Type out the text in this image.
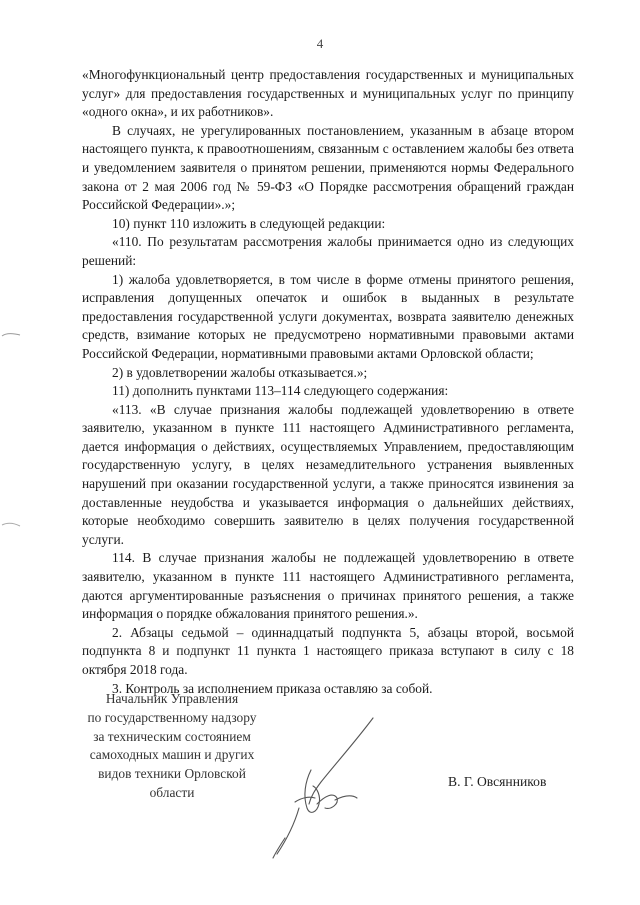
4

«Многофункциональный центр предоставления государственных и муниципальных услуг» для предоставления государственных и муниципальных услуг по принципу «одного окна», и их работников».

В случаях, не урегулированных постановлением, указанным в абзаце втором настоящего пункта, к правоотношениям, связанным с оставлением жалобы без ответа и уведомлением заявителя о принятом решении, применяются нормы Федерального закона от 2 мая 2006 год № 59-ФЗ «О Порядке рассмотрения обращений граждан Российской Федерации».»;

10) пункт 110 изложить в следующей редакции:

«110. По результатам рассмотрения жалобы принимается одно из следующих решений:

1) жалоба удовлетворяется, в том числе в форме отмены принятого решения, исправления допущенных опечаток и ошибок в выданных в результате предоставления государственной услуги документах, возврата заявителю денежных средств, взимание которых не предусмотрено нормативными правовыми актами Российской Федерации, нормативными правовыми актами Орловской области;

2) в удовлетворении жалобы отказывается.»;

11) дополнить пунктами 113–114 следующего содержания:

«113. «В случае признания жалобы подлежащей удовлетворению в ответе заявителю, указанном в пункте 111 настоящего Административного регламента, дается информация о действиях, осуществляемых Управлением, предоставляющим государственную услугу, в целях незамедлительного устранения выявленных нарушений при оказании государственной услуги, а также приносятся извинения за доставленные неудобства и указывается информация о дальнейших действиях, которые необходимо совершить заявителю в целях получения государственной услуги.

114. В случае признания жалобы не подлежащей удовлетворению в ответе заявителю, указанном в пункте 111 настоящего Административного регламента, даются аргументированные разъяснения о причинах принятого решения, а также информация о порядке обжалования принятого решения.».

2. Абзацы седьмой – одиннадцатый подпункта 5, абзацы второй, восьмой подпункта 8 и подпункт 11 пункта 1 настоящего приказа вступают в силу с 18 октября 2018 года.

3. Контроль за исполнением приказа оставляю за собой.

Начальник Управления
по государственному надзору
за техническим состоянием
самоходных машин и других
видов техники Орловской
области
В. Г. Овсянников
